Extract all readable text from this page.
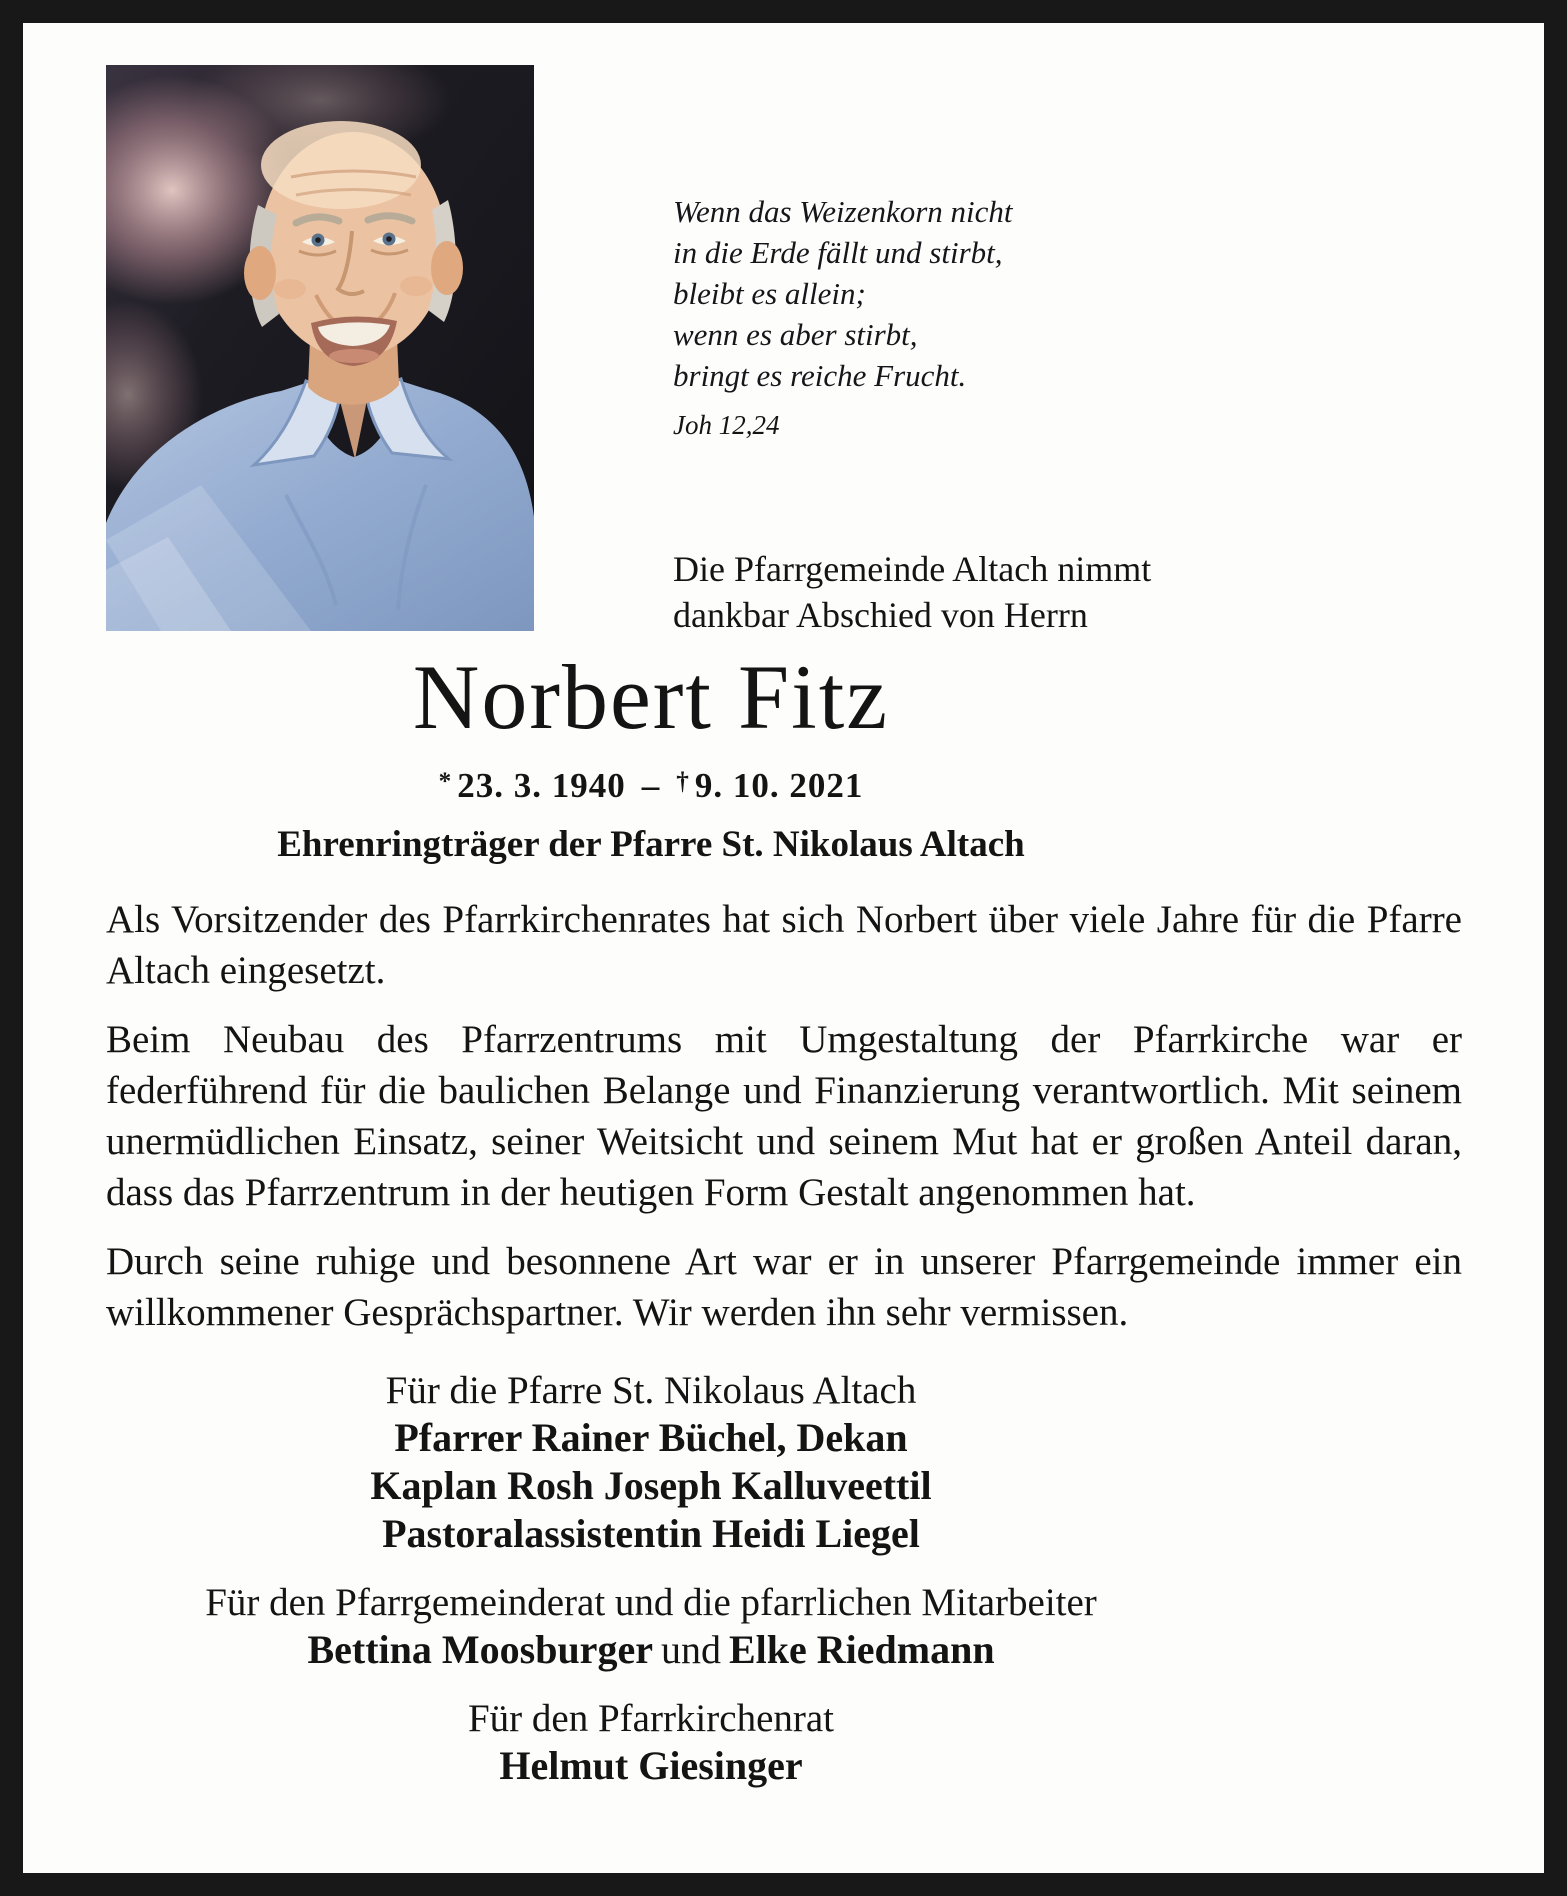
Wenn das Weizenkorn nicht
in die Erde fällt und stirbt,
bleibt es allein;
wenn es aber stirbt,
bringt es reiche Frucht.
Joh 12,24
Die Pfarrgemeinde Altach nimmt
dankbar Abschied von Herrn
Norbert Fitz
* 23. 3. 1940 – † 9. 10. 2021
Ehrenringträger der Pfarre St. Nikolaus Altach

Als Vorsitzender des Pfarrkirchenrates hat sich Norbert über viele Jahre für die Pfarre Altach eingesetzt.

Beim Neubau des Pfarrzentrums mit Umgestaltung der Pfarrkirche war er federführend für die baulichen Belange und Finanzierung verantwortlich. Mit seinem unermüdlichen Einsatz, seiner Weitsicht und seinem Mut hat er großen Anteil daran, dass das Pfarrzentrum in der heutigen Form Gestalt angenommen hat.

Durch seine ruhige und besonnene Art war er in unserer Pfarrgemeinde immer ein willkommener Gesprächspartner. Wir werden ihn sehr vermissen.

Für die Pfarre St. Nikolaus Altach
Pfarrer Rainer Büchel, Dekan
Kaplan Rosh Joseph Kalluveettil
Pastoralassistentin Heidi Liegel
Für den Pfarrgemeinderat und die pfarrlichen Mitarbeiter
Bettina Moosburger und Elke Riedmann
Für den Pfarrkirchenrat
Helmut Giesinger
